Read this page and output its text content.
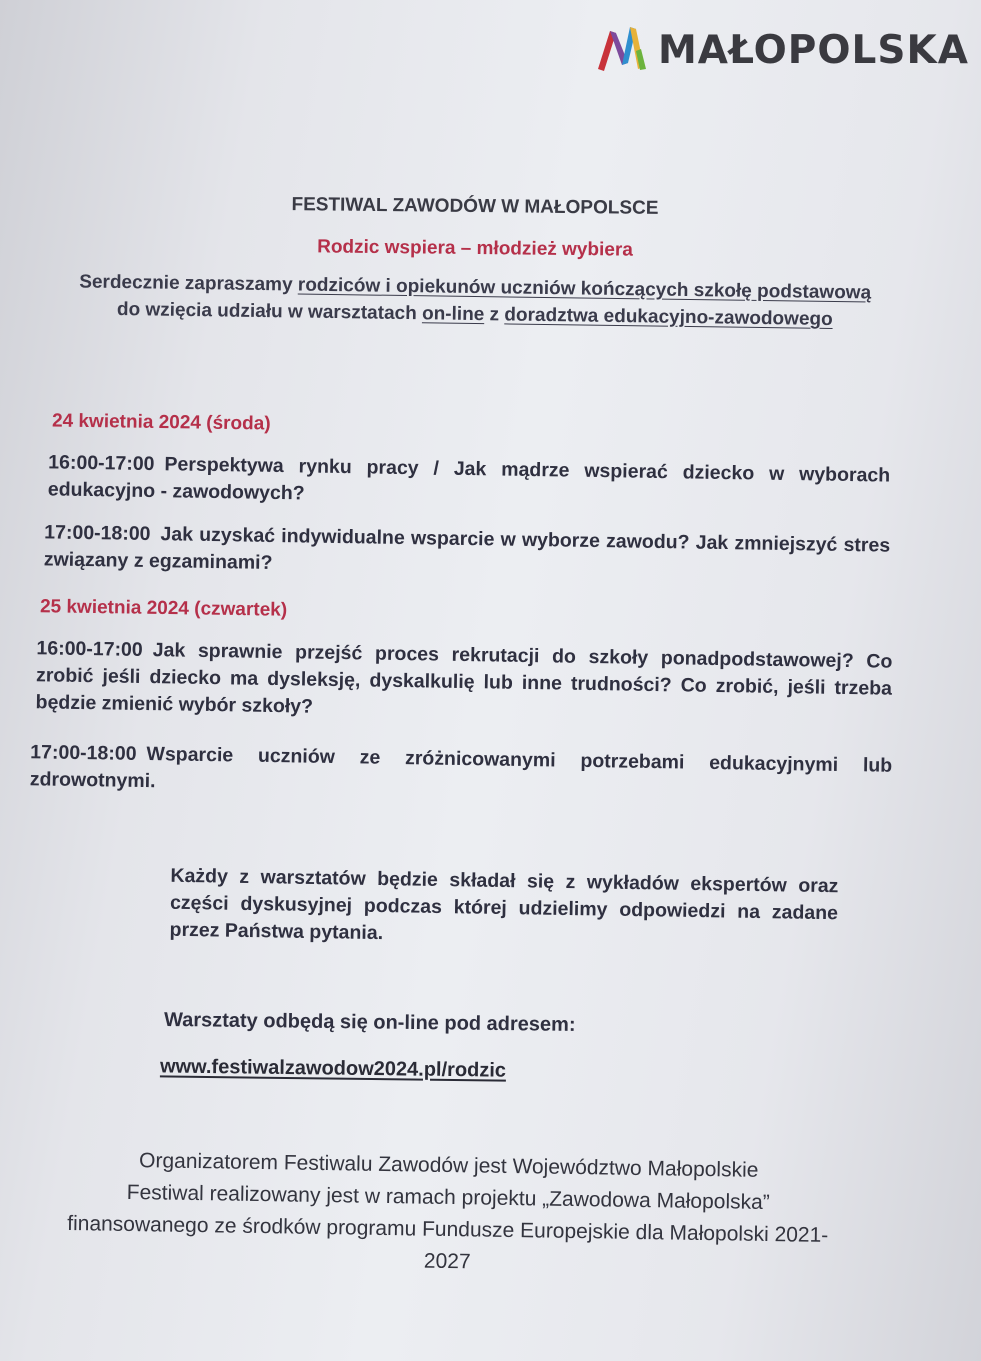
MAŁOPOLSKA
FESTIWAL ZAWODÓW W MAŁOPOLSCE
Rodzic wspiera – młodzież wybiera
Serdecznie zapraszamy rodziców i opiekunów uczniów kończących szkołę podstawową do wzięcia udziału w warsztatach on-line z doradztwa edukacyjno-zawodowego
24 kwietnia 2024 (środa)
16:00-17:00 Perspektywa rynku pracy / Jak mądrze wspierać dziecko w wyborach edukacyjno - zawodowych?
17:00-18:00 Jak uzyskać indywidualne wsparcie w wyborze zawodu? Jak zmniejszyć stres związany z egzaminami?
25 kwietnia 2024 (czwartek)
16:00-17:00 Jak sprawnie przejść proces rekrutacji do szkoły ponadpodstawowej? Co zrobić jeśli dziecko ma dysleksję, dyskalkulię lub inne trudności? Co zrobić, jeśli trzeba będzie zmienić wybór szkoły?
17:00-18:00 Wsparcie uczniów ze zróżnicowanymi potrzebami edukacyjnymi lub zdrowotnymi.
Każdy z warsztatów będzie składał się z wykładów ekspertów oraz części dyskusyjnej podczas której udzielimy odpowiedzi na zadane przez Państwa pytania.
Warsztaty odbędą się on-line pod adresem:
www.festiwalzawodow2024.pl/rodzic
Organizatorem Festiwalu Zawodów jest Województwo Małopolskie
Festiwal realizowany jest w ramach projektu „Zawodowa Małopolska”
finansowanego ze środków programu Fundusze Europejskie dla Małopolski 2021-
2027
